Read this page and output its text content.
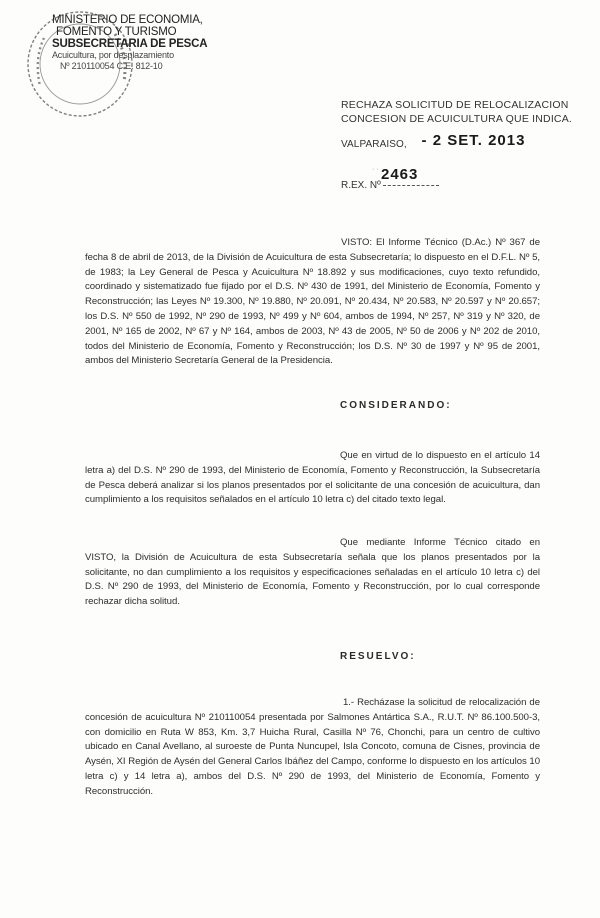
MINISTERIO DE ECONOMIA,
FOMENTO Y TURISMO
SUBSECRETARIA DE PESCA
Acuicultura, por desplazamiento
Nº 210110054 C.E. 812-10
RECHAZA SOLICITUD DE RELOCALIZACION
CONCESION DE ACUICULTURA QUE INDICA.
VALPARAISO, - 2 SET. 2013
· ·
R.EX. Nº
2463
VISTO: El Informe Técnico (D.Ac.) Nº 367 de fecha 8 de abril de 2013, de la División de Acuicultura de esta Subsecretaría; lo dispuesto en el D.F.L. Nº 5, de 1983; la Ley General de Pesca y Acuicultura Nº 18.892 y sus modificaciones, cuyo texto refundido, coordinado y sistematizado fue fijado por el D.S. Nº 430 de 1991, del Ministerio de Economía, Fomento y Reconstrucción; las Leyes Nº 19.300, Nº 19.880, Nº 20.091, Nº 20.434, Nº 20.583, Nº 20.597 y Nº 20.657; los D.S. Nº 550 de 1992, Nº 290 de 1993, Nº 499 y Nº 604, ambos de 1994, Nº 257, Nº 319 y Nº 320, de 2001, Nº 165 de 2002, Nº 67 y Nº 164, ambos de 2003, Nº 43 de 2005, Nº 50 de 2006 y Nº 202 de 2010, todos del Ministerio de Economía, Fomento y Reconstrucción; los D.S. Nº 30 de 1997 y Nº 95 de 2001, ambos del Ministerio Secretaría General de la Presidencia.
CONSIDERANDO:
Que en virtud de lo dispuesto en el artículo 14 letra a) del D.S. Nº 290 de 1993, del Ministerio de Economía, Fomento y Reconstrucción, la Subsecretaría de Pesca deberá analizar si los planos presentados por el solicitante de una concesión de acuicultura, dan cumplimiento a los requisitos señalados en el artículo 10 letra c) del citado texto legal.
Que mediante Informe Técnico citado en VISTO, la División de Acuicultura de esta Subsecretaría señala que los planos presentados por la solicitante, no dan cumplimiento a los requisitos y especificaciones señaladas en el artículo 10 letra c) del D.S. Nº 290 de 1993, del Ministerio de Economía, Fomento y Reconstrucción, por lo cual corresponde rechazar dicha solitud.
RESUELVO:
1.- Recházase la solicitud de relocalización de concesión de acuicultura Nº 210110054 presentada por Salmones Antártica S.A., R.U.T. Nº 86.100.500-3, con domicilio en Ruta W 853, Km. 3,7 Huicha Rural, Casilla Nº 76, Chonchi, para un centro de cultivo ubicado en Canal Avellano, al suroeste de Punta Nuncupel, Isla Concoto, comuna de Cisnes, provincia de Aysén, XI Región de Aysén del General Carlos Ibáñez del Campo, conforme lo dispuesto en los artículos 10 letra c) y 14 letra a), ambos del D.S. Nº 290 de 1993, del Ministerio de Economía, Fomento y Reconstrucción.
